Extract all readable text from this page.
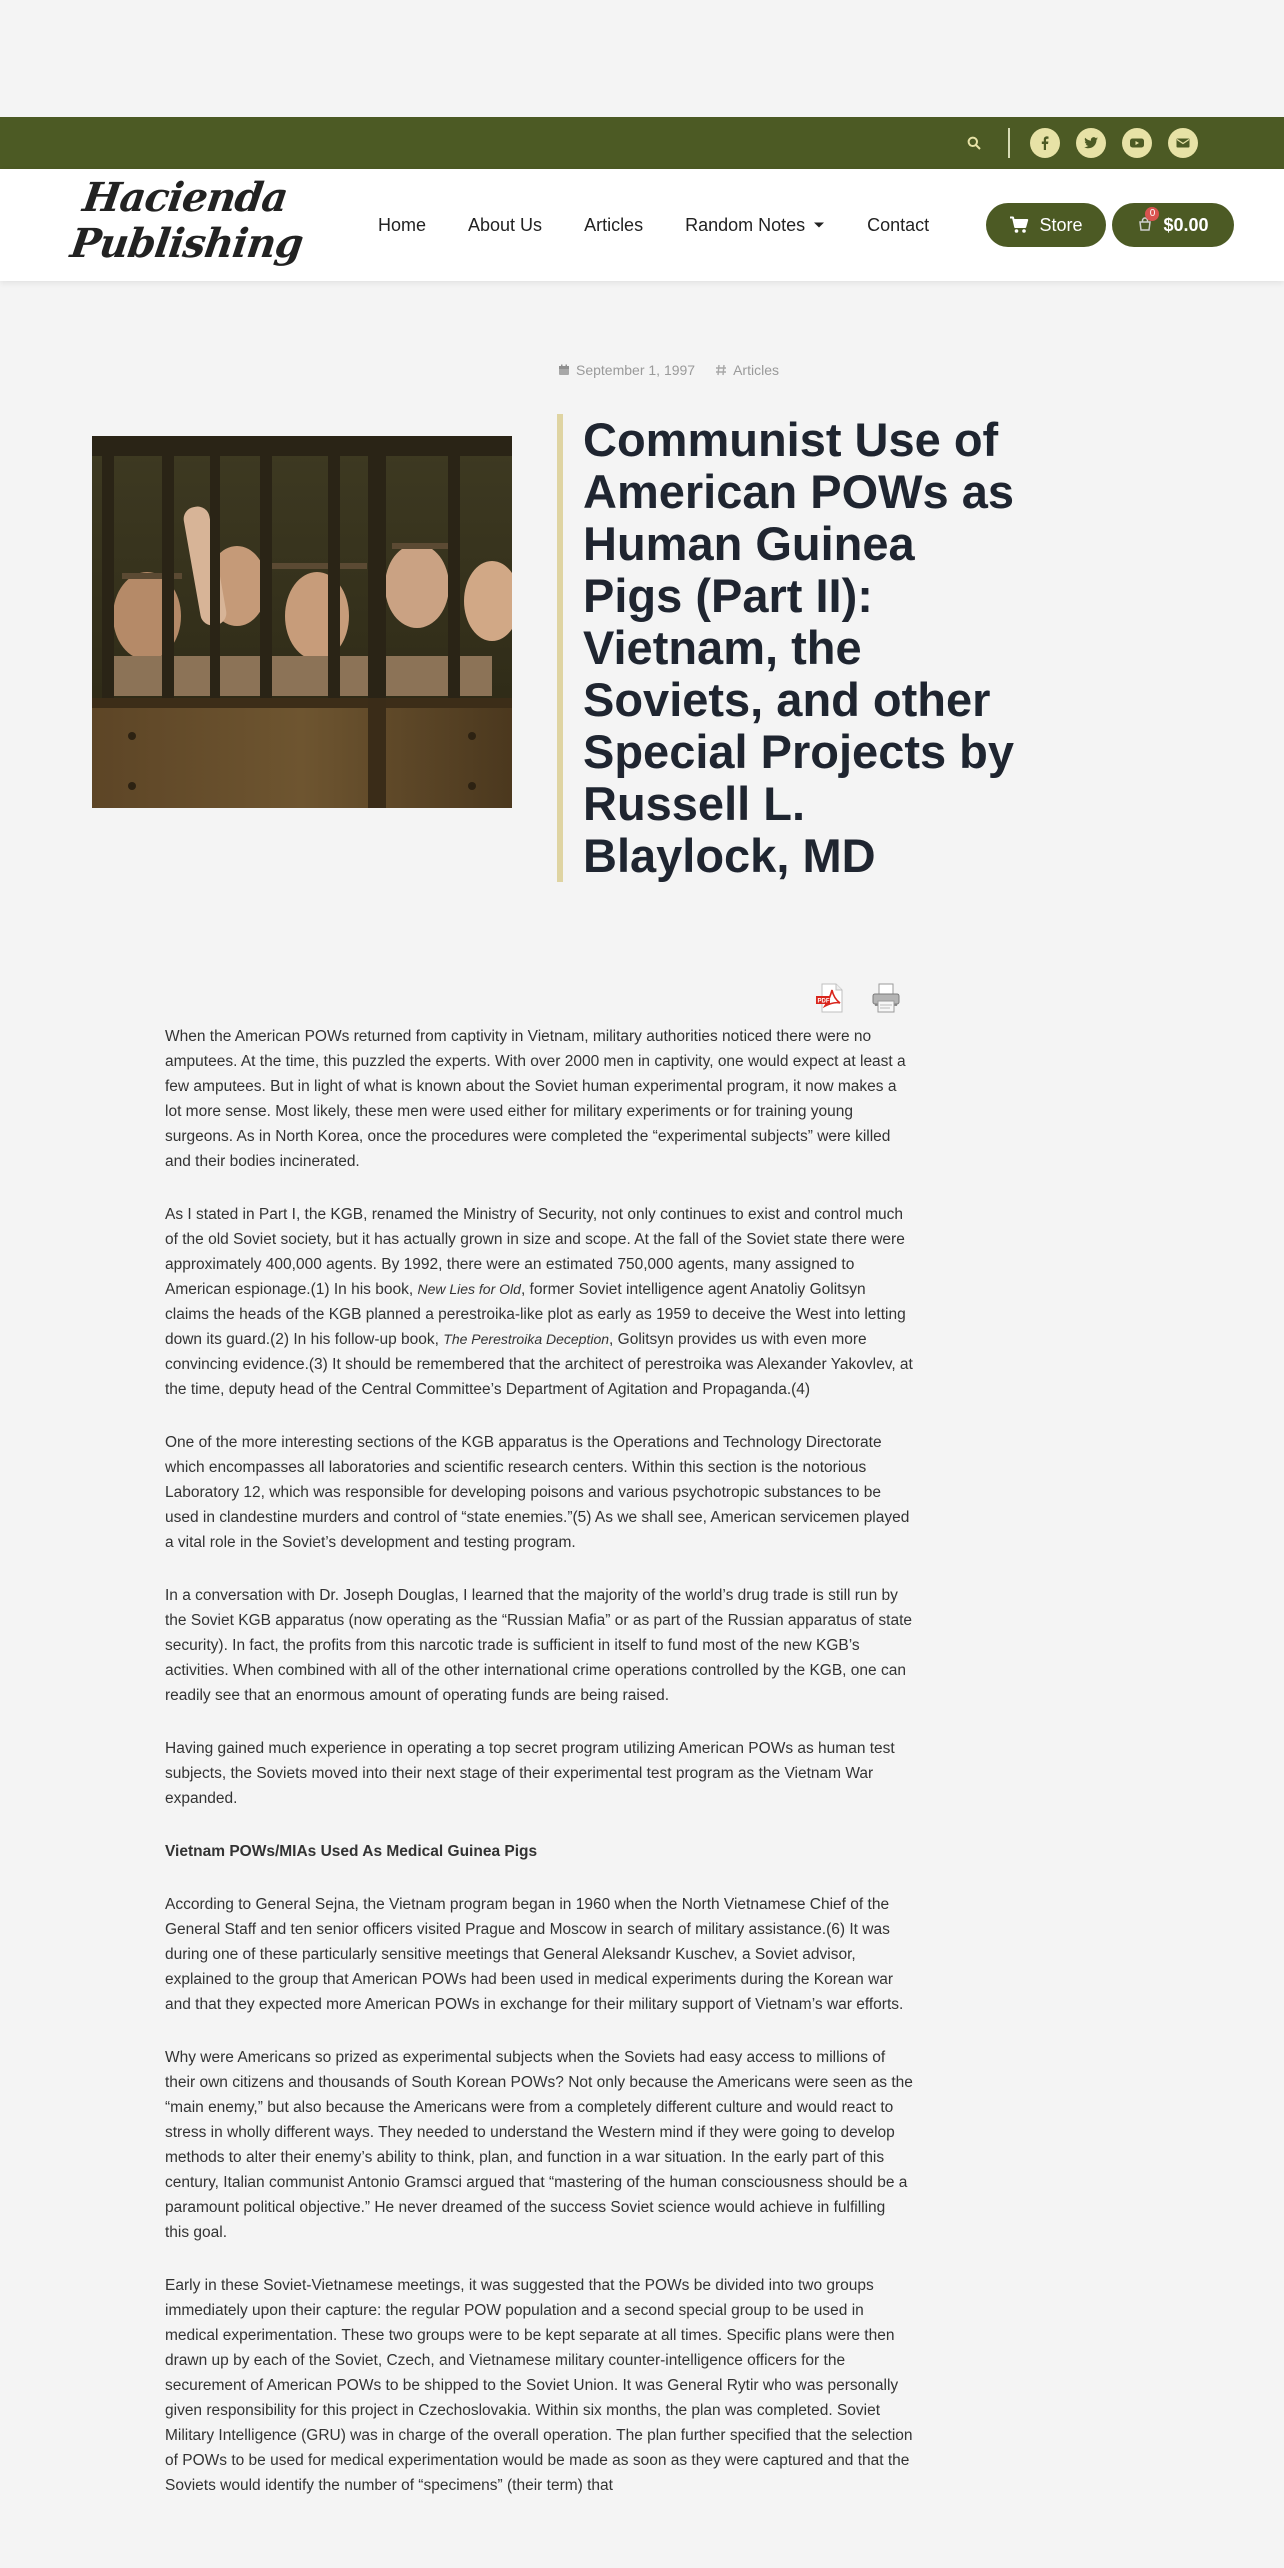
Hacienda
Publishing	Home About Us Articles Random Notes	Contact	Store
0
$0.00
September 1, 1997	Articles
Communist Use of American POWs as Human Guinea Pigs (Part II): Vietnam, the Soviets, and other Special Projects by Russell L. Blaylock, MD
PDF

When the American POWs returned from captivity in Vietnam, military authorities noticed there were no amputees. At the time, this puzzled the experts. With over 2000 men in captivity, one would expect at least a few amputees. But in light of what is known about the Soviet human experimental program, it now makes a lot more sense. Most likely, these men were used either for military experiments or for training young surgeons. As in North Korea, once the procedures were completed the “experimental subjects” were killed and their bodies incinerated.

As I stated in Part I, the KGB, renamed the Ministry of Security, not only continues to exist and control much of the old Soviet society, but it has actually grown in size and scope. At the fall of the Soviet state there were approximately 400,000 agents. By 1992, there were an estimated 750,000 agents, many assigned to American espionage.(1) In his book, New Lies for Old, former Soviet intelligence agent Anatoliy Golitsyn claims the heads of the KGB planned a perestroika-like plot as early as 1959 to deceive the West into letting down its guard.(2) In his follow-up book, The Perestroika Deception, Golitsyn provides us with even more convincing evidence.(3) It should be remembered that the architect of perestroika was Alexander Yakovlev, at the time, deputy head of the Central Committee’s Department of Agitation and Propaganda.(4)

One of the more interesting sections of the KGB apparatus is the Operations and Technology Directorate which encompasses all laboratories and scientific research centers. Within this section is the notorious Laboratory 12, which was responsible for developing poisons and various psychotropic substances to be used in clandestine murders and control of “state enemies.”(5) As we shall see, American servicemen played a vital role in the Soviet’s development and testing program.

In a conversation with Dr. Joseph Douglas, I learned that the majority of the world’s drug trade is still run by the Soviet KGB apparatus (now operating as the “Russian Mafia” or as part of the Russian apparatus of state security). In fact, the profits from this narcotic trade is sufficient in itself to fund most of the new KGB’s activities. When combined with all of the other international crime operations controlled by the KGB, one can readily see that an enormous amount of operating funds are being raised.

Having gained much experience in operating a top secret program utilizing American POWs as human test subjects, the Soviets moved into their next stage of their experimental test program as the Vietnam War expanded.

Vietnam POWs/MIAs Used As Medical Guinea Pigs

According to General Sejna, the Vietnam program began in 1960 when the North Vietnamese Chief of the General Staff and ten senior officers visited Prague and Moscow in search of military assistance.(6) It was during one of these particularly sensitive meetings that General Aleksandr Kuschev, a Soviet advisor, explained to the group that American POWs had been used in medical experiments during the Korean war and that they expected more American POWs in exchange for their military support of Vietnam’s war efforts.

Why were Americans so prized as experimental subjects when the Soviets had easy access to millions of their own citizens and thousands of South Korean POWs? Not only because the Americans were seen as the “main enemy,” but also because the Americans were from a completely different culture and would react to stress in wholly different ways. They needed to understand the Western mind if they were going to develop methods to alter their enemy’s ability to think, plan, and function in a war situation. In the early part of this century, Italian communist Antonio Gramsci argued that “mastering of the human consciousness should be a paramount political objective.” He never dreamed of the success Soviet science would achieve in fulfilling this goal.

Early in these Soviet-Vietnamese meetings, it was suggested that the POWs be divided into two groups immediately upon their capture: the regular POW population and a second special group to be used in medical experimentation. These two groups were to be kept separate at all times. Specific plans were then drawn up by each of the Soviet, Czech, and Vietnamese military counter-intelligence officers for the securement of American POWs to be shipped to the Soviet Union. It was General Rytir who was personally given responsibility for this project in Czechoslovakia. Within six months, the plan was completed. Soviet Military Intelligence (GRU) was in charge of the overall operation. The plan further specified that the selection of POWs to be used for medical experimentation would be made as soon as they were captured and that the Soviets would identify the number of “specimens” (their term) that
